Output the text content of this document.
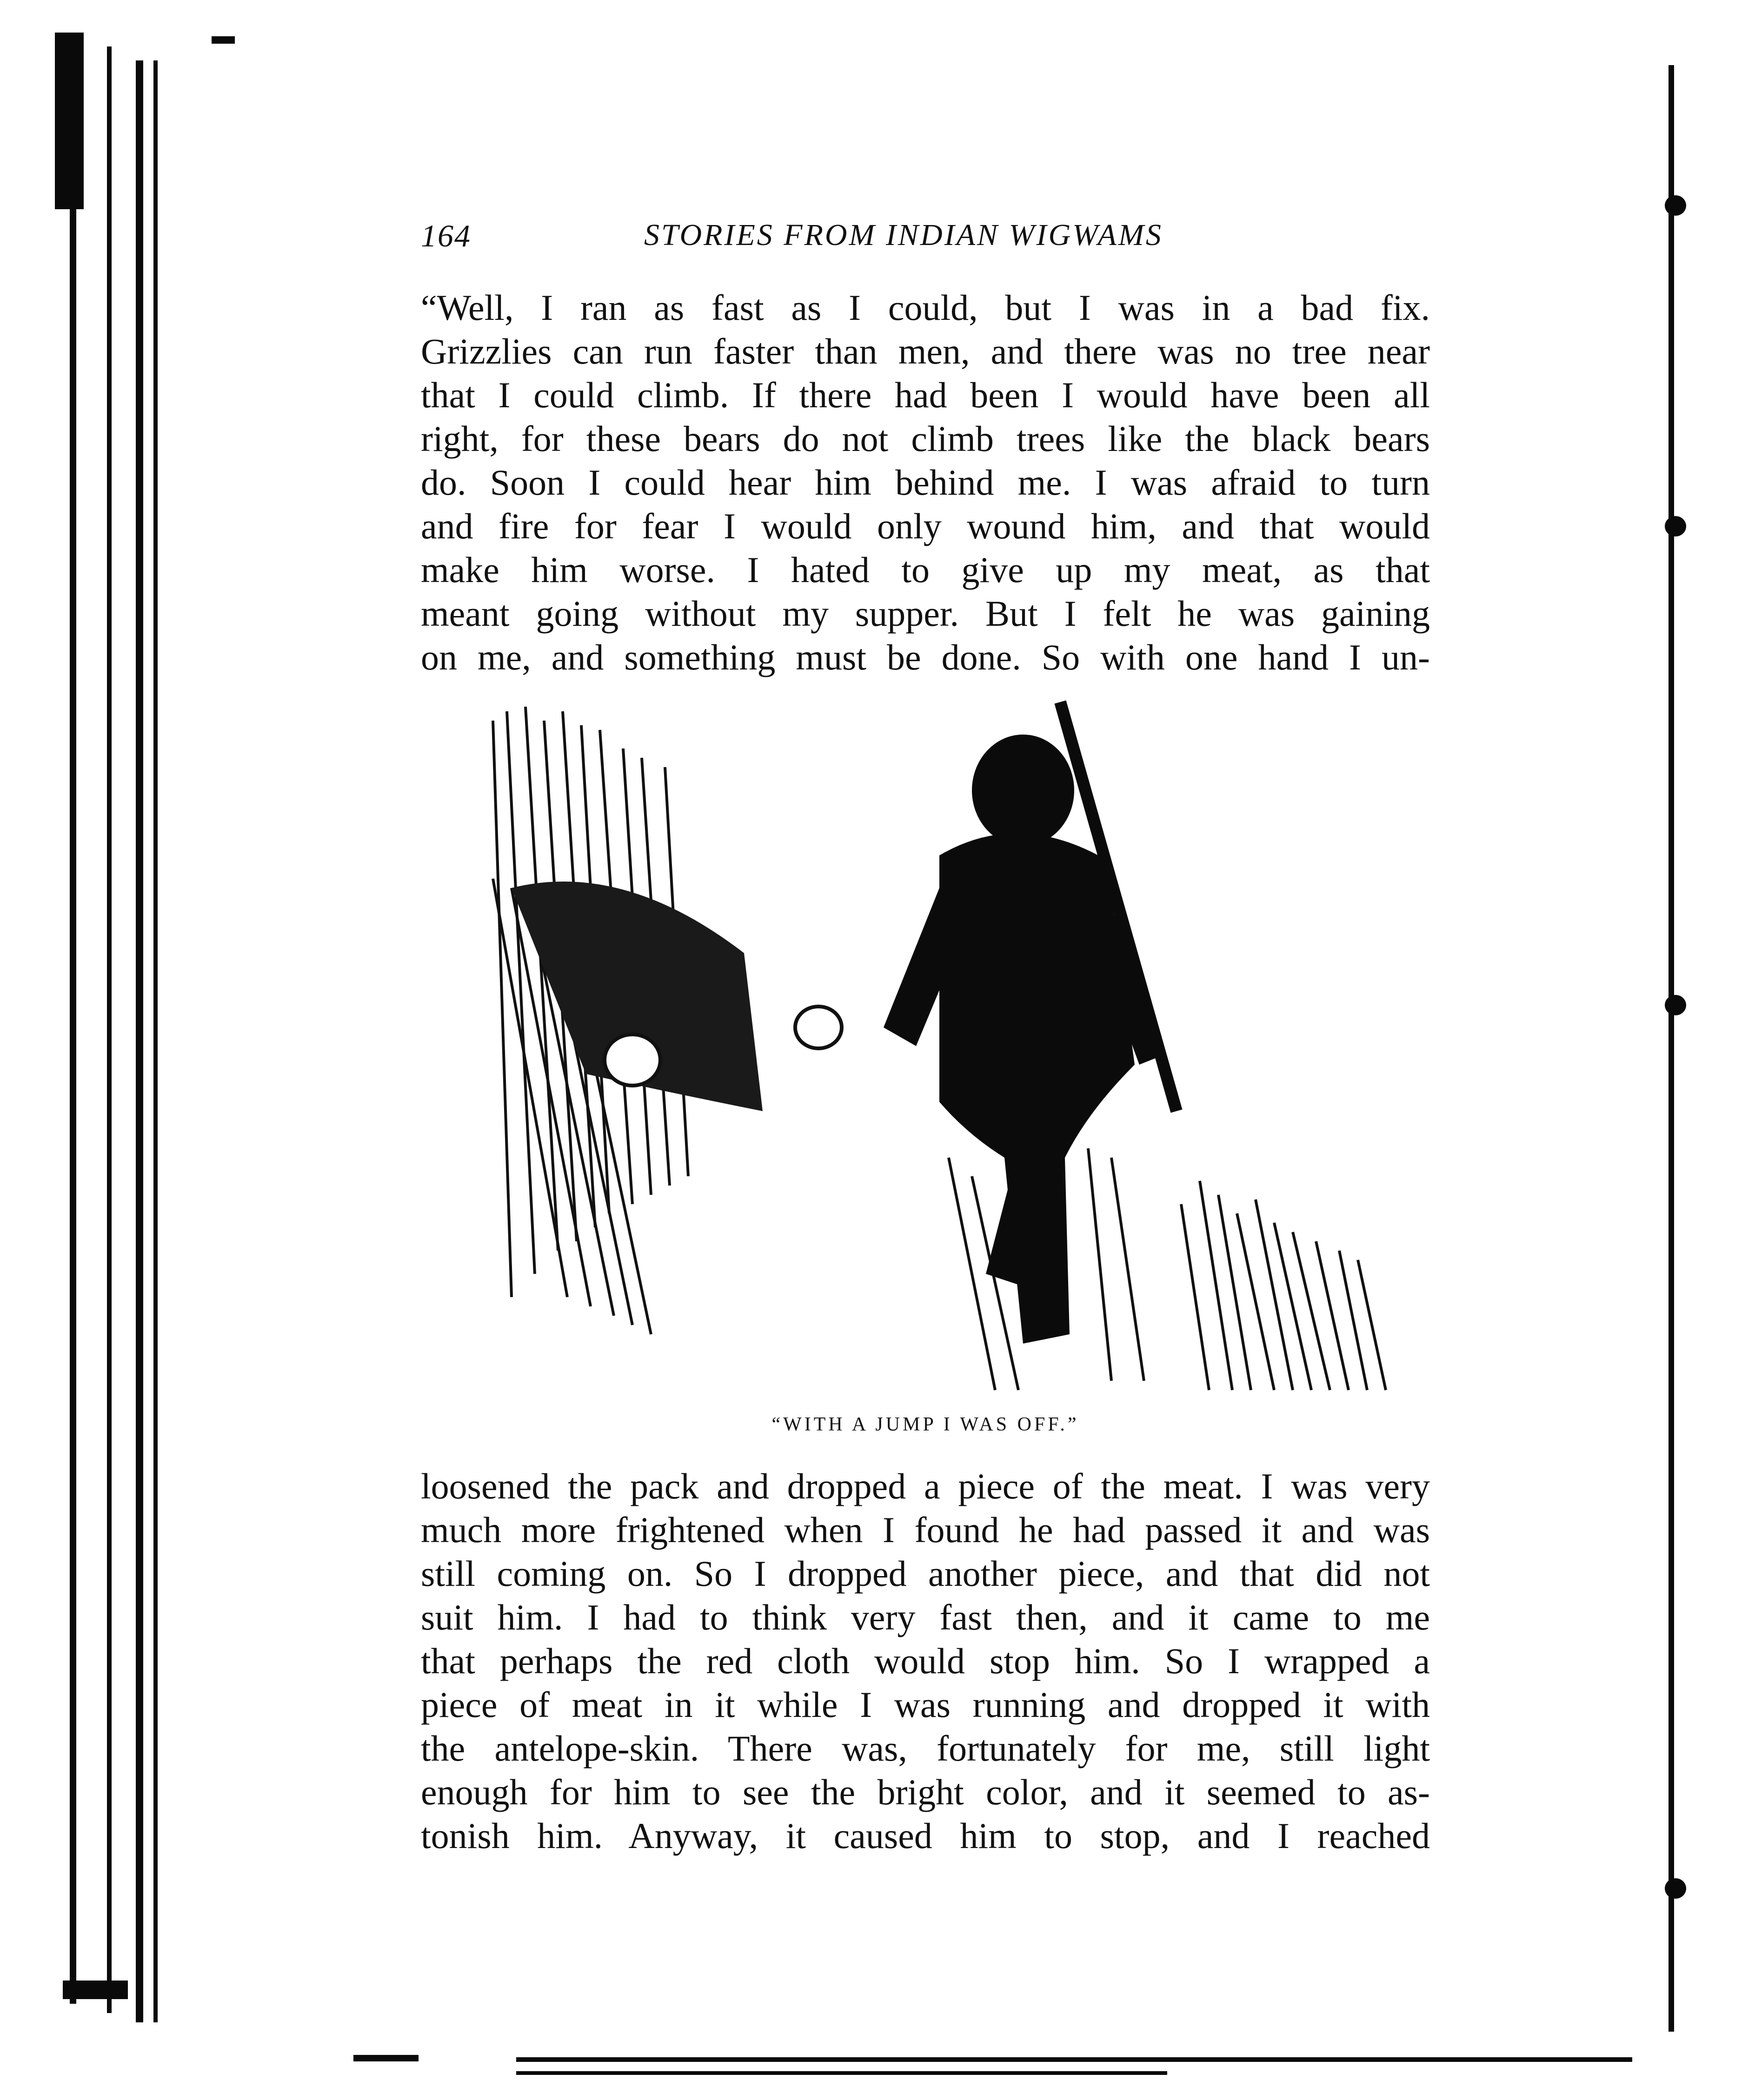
164	STORIES FROM INDIAN WIGWAMS
“Well, I ran as fast as I could, but I was in a bad fix.
Grizzlies can run faster than men, and there was no tree near
that I could climb. If there had been I would have been all
right, for these bears do not climb trees like the black bears
do. Soon I could hear him behind me. I was afraid to turn
and fire for fear I would only wound him, and that would
make him worse. I hated to give up my meat, as that
meant going without my supper. But I felt he was gaining
on me, and something must be done. So with one hand I un-
“WITH A JUMP I WAS OFF.”
loosened the pack and dropped a piece of the meat. I was very
much more frightened when I found he had passed it and was
still coming on. So I dropped another piece, and that did not
suit him. I had to think very fast then, and it came to me
that perhaps the red cloth would stop him. So I wrapped a
piece of meat in it while I was running and dropped it with
the antelope-skin. There was, fortunately for me, still light
enough for him to see the bright color, and it seemed to as-
tonish him. Anyway, it caused him to stop, and I reached
